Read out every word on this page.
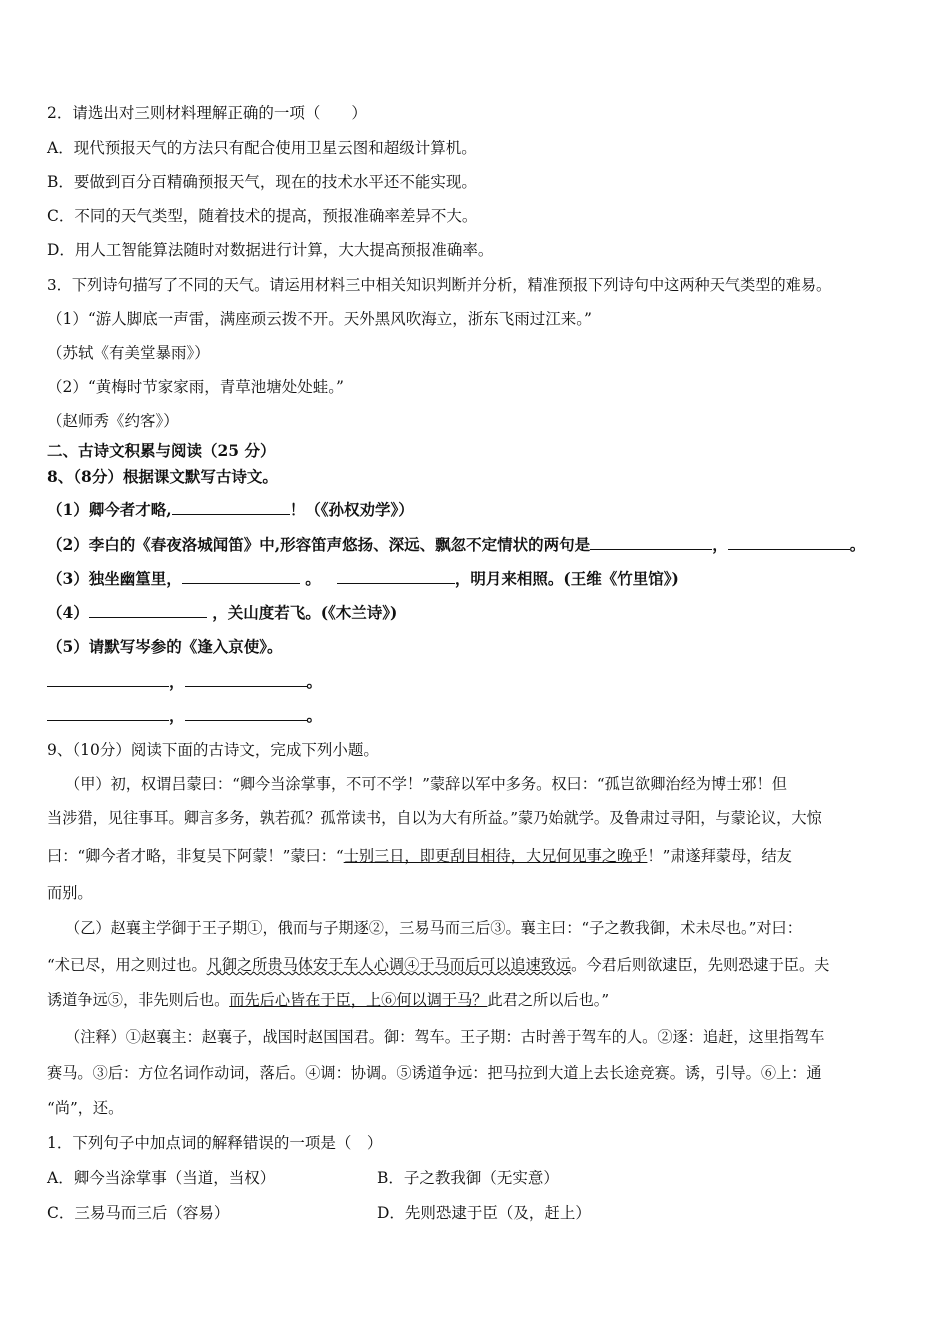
2．请选出对三则材料理解正确的一项（　　）
A．现代预报天气的方法只有配合使用卫星云图和超级计算机。
B．要做到百分百精确预报天气，现在的技术水平还不能实现。
C．不同的天气类型，随着技术的提高，预报准确率差异不大。
D．用人工智能算法随时对数据进行计算，大大提高预报准确率。
3．下列诗句描写了不同的天气。请运用材料三中相关知识判断并分析，精准预报下列诗句中这两种天气类型的难易。
（1）“游人脚底一声雷，满座顽云拨不开。天外黑风吹海立，浙东飞雨过江来。”
（苏轼《有美堂暴雨》）
（2）“黄梅时节家家雨，青草池塘处处蛙。”
（赵师秀《约客》）
二、古诗文积累与阅读（25 分）
8、（8分）根据课文默写古诗文。
（1）卿今者才略,	！（《孙权劝学》）
（2）李白的《春夜洛城闻笛》中,形容笛声悠扬、深远、飘忽不定情状的两句是	，	。
（3）独坐幽篁里，	。	，明月来相照。(王维《竹里馆》)
（4）	，关山度若飞。(《木兰诗》)
（5）请默写岑参的《逢入京使》。
，	。
，	。
9、（10分）阅读下面的古诗文，完成下列小题。
（甲）初，权谓吕蒙曰：“卿今当涂掌事，不可不学！”蒙辞以军中多务。权曰：“孤岂欲卿治经为博士邪！但
当涉猎，见往事耳。卿言多务，孰若孤？孤常读书，自以为大有所益。”蒙乃始就学。及鲁肃过寻阳，与蒙论议，大惊
曰：“卿今者才略，非复吴下阿蒙！”蒙曰：“士别三日，即更刮目相待，大兄何见事之晚乎！”肃遂拜蒙母，结友
而别。
（乙）赵襄主学御于王子期①，俄而与子期逐②，三易马而三后③。襄主曰：“子之教我御，术未尽也。”对曰：
“术已尽，用之则过也。凡御之所贵马体安于车人心调④于马而后可以追速致远。今君后则欲逮臣，先则恐逮于臣。夫
诱道争远⑤，非先则后也。而先后心皆在于臣，上⑥何以调于马？此君之所以后也。”
（注释）①赵襄主：赵襄子，战国时赵国国君。御：驾车。王子期：古时善于驾车的人。②逐：追赶，这里指驾车
赛马。③后：方位名词作动词，落后。④调：协调。⑤诱道争远：把马拉到大道上去长途竞赛。诱，引导。⑥上：通
“尚”，还。
1．下列句子中加点词的解释错误的一项是（　）
A．卿今当涂掌事（当道，当权）	B．子之教我御（无实意）
C．三易马而三后（容易）	D．先则恐逮于臣（及，赶上）
